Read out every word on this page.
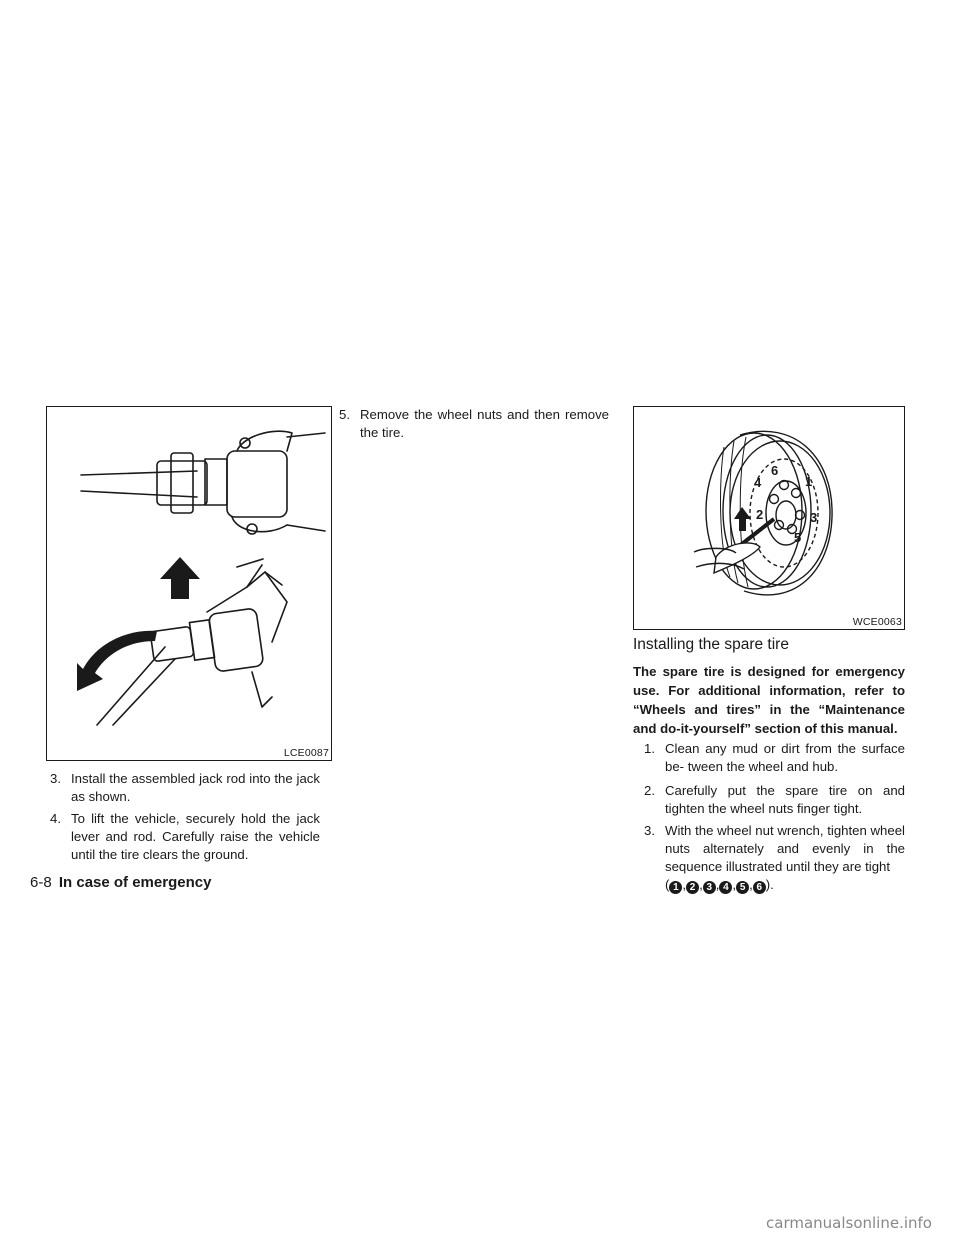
LCE0087
3. Install the assembled jack rod into the jack as shown.
4. To lift the vehicle, securely hold the jack lever and rod. Carefully raise the vehicle until the tire clears the ground.
5. Remove the wheel nuts and then remove the tire.
1
2	3
4
5
6
WCE0063
Installing the spare tire
The spare tire is designed for emergency use. For additional information, refer to “Wheels and tires” in the “Maintenance and do-it-yourself” section of this manual.
1. Clean any mud or dirt from the surface be- tween the wheel and hub.
2. Carefully put the spare tire on and tighten the wheel nuts finger tight.
3. With the wheel nut wrench, tighten wheel nuts alternately and evenly in the sequence illustrated until they are tight
( 1 , 2 , 3 , 4 , 5 , 6 ).
6-8 In case of emergency
carmanualsonline.info
